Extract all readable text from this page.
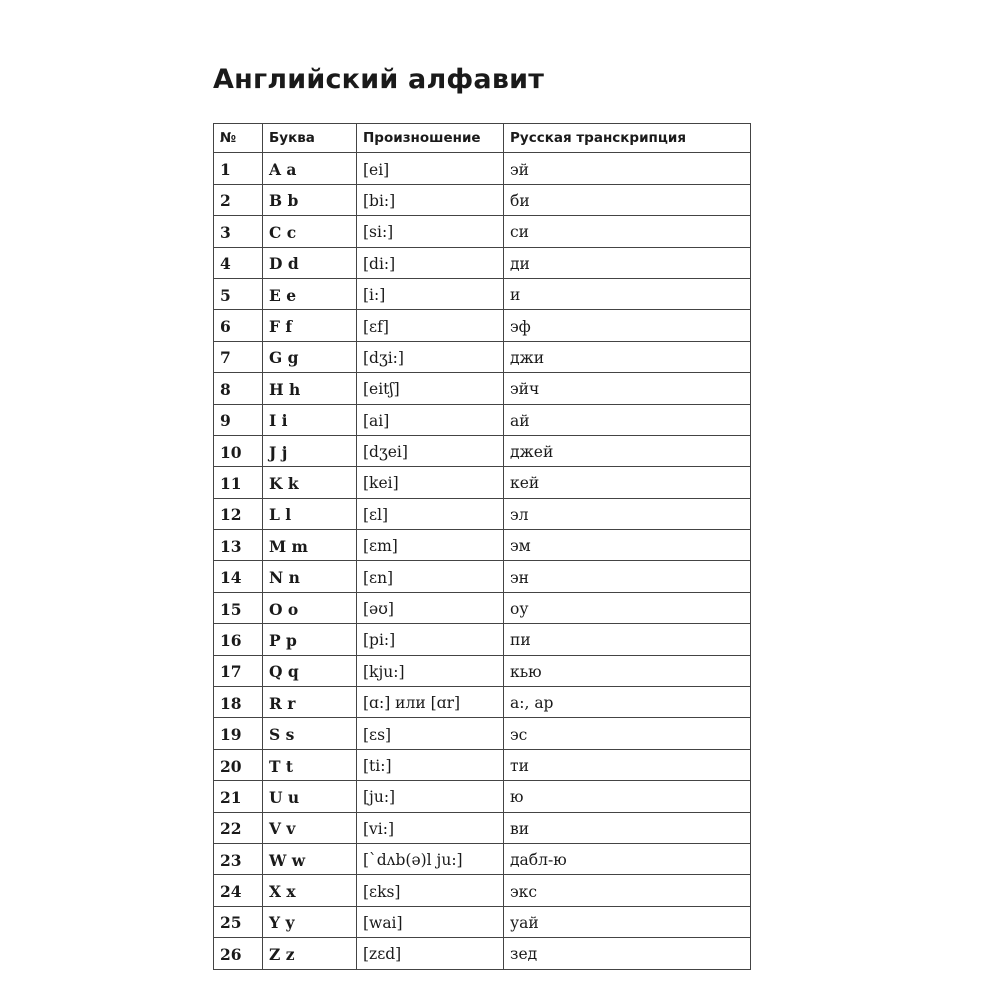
Английский алфавит
№	Буква	Произношение	Русская транскрипция
1	A a	[ei]	эй
2	B b	[bi:]	би
3	C c	[si:]	си
4	D d	[di:]	ди
5	E e	[i:]	и
6	F f	[ɛf]	эф
7	G g	[dʒi:]	джи
8	H h	[eitʃ]	эйч
9	I i	[ai]	ай
10	J j	[dʒei]	джей
11	K k	[kei]	кей
12	L l	[ɛl]	эл
13	M m	[ɛm]	эм
14	N n	[ɛn]	эн
15	O o	[əʊ]	оу
16	P p	[pi:]	пи
17	Q q	[kju:]	кью
18	R r	[ɑ:] или [ɑr]	а:, ар
19	S s	[ɛs]	эс
20	T t	[ti:]	ти
21	U u	[ju:]	ю
22	V v	[vi:]	ви
23	W w	[`dʌb(ə)l ju:]	дабл-ю
24	X x	[ɛks]	экс
25	Y y	[wai]	уай
26	Z z	[zɛd]	зед
